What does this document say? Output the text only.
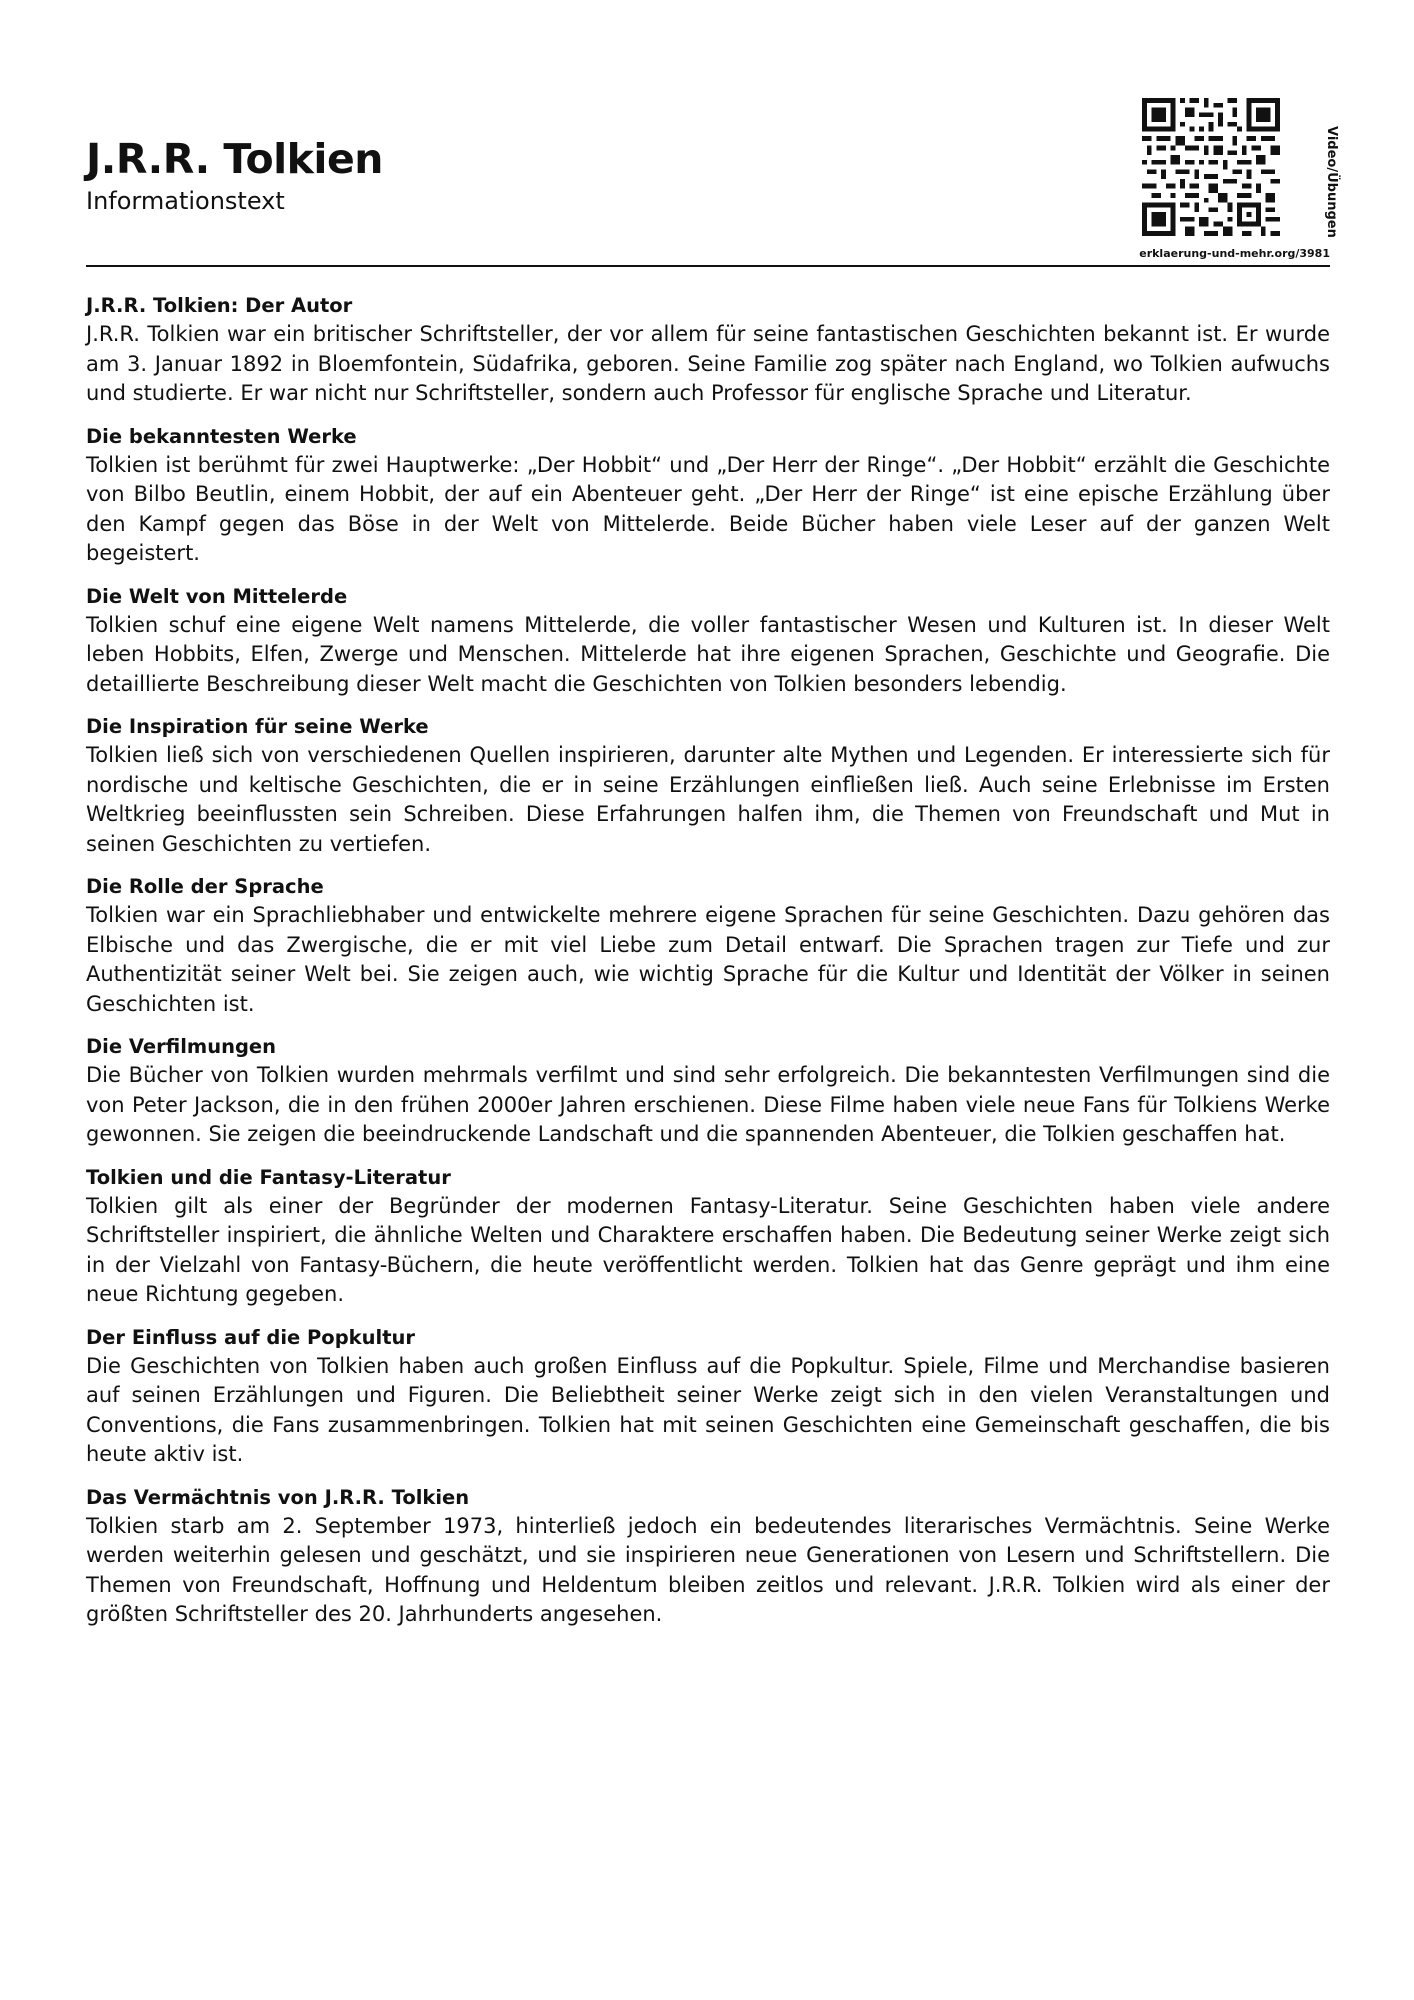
J.R.R. Tolkien
Informationstext
erklaerung-und-mehr.org/3981
Video/Übungen
J.R.R. Tolkien: Der Autor

J.R.R. Tolkien war ein britischer Schriftsteller, der vor allem für seine fantastischen Geschichten bekannt ist. Er wurde am 3. Januar 1892 in Bloemfontein, Südafrika, geboren. Seine Familie zog später nach England, wo Tolkien aufwuchs und studierte. Er war nicht nur Schriftsteller, sondern auch Professor für englische Sprache und Literatur.

Die bekanntesten Werke

Tolkien ist berühmt für zwei Hauptwerke: „Der Hobbit“ und „Der Herr der Ringe“. „Der Hobbit“ erzählt die Geschichte von Bilbo Beutlin, einem Hobbit, der auf ein Abenteuer geht. „Der Herr der Ringe“ ist eine epische Erzählung über den Kampf gegen das Böse in der Welt von Mittelerde. Beide Bücher haben viele Leser auf der ganzen Welt begeistert.

Die Welt von Mittelerde

Tolkien schuf eine eigene Welt namens Mittelerde, die voller fantastischer Wesen und Kulturen ist. In dieser Welt leben Hobbits, Elfen, Zwerge und Menschen. Mittelerde hat ihre eigenen Sprachen, Geschichte und Geografie. Die detaillierte Beschreibung dieser Welt macht die Geschichten von Tolkien besonders lebendig.

Die Inspiration für seine Werke

Tolkien ließ sich von verschiedenen Quellen inspirieren, darunter alte Mythen und Legenden. Er interessierte sich für nordische und keltische Geschichten, die er in seine Erzählungen einfließen ließ. Auch seine Erlebnisse im Ersten Weltkrieg beeinflussten sein Schreiben. Diese Erfahrungen halfen ihm, die Themen von Freundschaft und Mut in seinen Geschichten zu vertiefen.

Die Rolle der Sprache

Tolkien war ein Sprachliebhaber und entwickelte mehrere eigene Sprachen für seine Geschichten. Dazu gehören das Elbische und das Zwergische, die er mit viel Liebe zum Detail entwarf. Die Sprachen tragen zur Tiefe und zur Authentizität seiner Welt bei. Sie zeigen auch, wie wichtig Sprache für die Kultur und Identität der Völker in seinen Geschichten ist.

Die Verfilmungen

Die Bücher von Tolkien wurden mehrmals verfilmt und sind sehr erfolgreich. Die bekanntesten Verfilmungen sind die von Peter Jackson, die in den frühen 2000er Jahren erschienen. Diese Filme haben viele neue Fans für Tolkiens Werke gewonnen. Sie zeigen die beeindruckende Landschaft und die spannenden Abenteuer, die Tolkien geschaffen hat.

Tolkien und die Fantasy-Literatur

Tolkien gilt als einer der Begründer der modernen Fantasy-Literatur. Seine Geschichten haben viele andere Schriftsteller inspiriert, die ähnliche Welten und Charaktere erschaffen haben. Die Bedeutung seiner Werke zeigt sich in der Vielzahl von Fantasy-Büchern, die heute veröffentlicht werden. Tolkien hat das Genre geprägt und ihm eine neue Richtung gegeben.

Der Einfluss auf die Popkultur

Die Geschichten von Tolkien haben auch großen Einfluss auf die Popkultur. Spiele, Filme und Merchandise basieren auf seinen Erzählungen und Figuren. Die Beliebtheit seiner Werke zeigt sich in den vielen Veranstaltungen und Conventions, die Fans zusammenbringen. Tolkien hat mit seinen Geschichten eine Gemeinschaft geschaffen, die bis heute aktiv ist.

Das Vermächtnis von J.R.R. Tolkien

Tolkien starb am 2. September 1973, hinterließ jedoch ein bedeutendes literarisches Vermächtnis. Seine Werke werden weiterhin gelesen und geschätzt, und sie inspirieren neue Generationen von Lesern und Schriftstellern. Die Themen von Freundschaft, Hoffnung und Heldentum bleiben zeitlos und relevant. J.R.R. Tolkien wird als einer der größten Schriftsteller des 20. Jahrhunderts angesehen.
